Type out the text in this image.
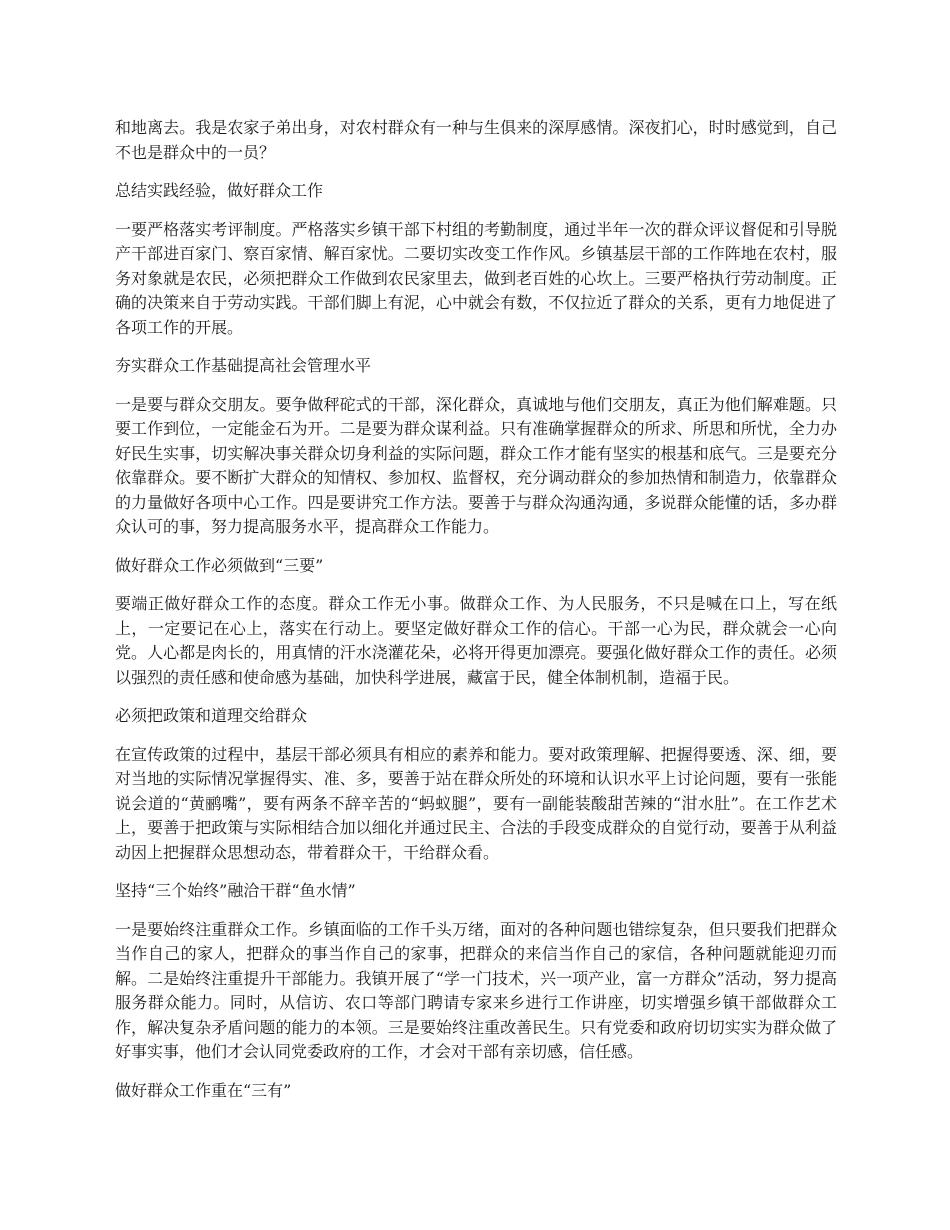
和地离去。我是农家子弟出身，对农村群众有一种与生俱来的深厚感情。深夜扪心，时时感觉到，自己不也是群众中的一员？

总结实践经验，做好群众工作

一要严格落实考评制度。严格落实乡镇干部下村组的考勤制度，通过半年一次的群众评议督促和引导脱产干部进百家门、察百家情、解百家忧。二要切实改变工作作风。乡镇基层干部的工作阵地在农村，服务对象就是农民，必须把群众工作做到农民家里去，做到老百姓的心坎上。三要严格执行劳动制度。正确的决策来自于劳动实践。干部们脚上有泥，心中就会有数，不仅拉近了群众的关系，更有力地促进了各项工作的开展。

夯实群众工作基础提高社会管理水平

一是要与群众交朋友。要争做秤砣式的干部，深化群众，真诚地与他们交朋友，真正为他们解难题。只要工作到位，一定能金石为开。二是要为群众谋利益。只有准确掌握群众的所求、所思和所忧，全力办好民生实事，切实解决事关群众切身利益的实际问题，群众工作才能有坚实的根基和底气。三是要充分依靠群众。要不断扩大群众的知情权、参加权、监督权，充分调动群众的参加热情和制造力，依靠群众的力量做好各项中心工作。四是要讲究工作方法。要善于与群众沟通沟通，多说群众能懂的话，多办群众认可的事，努力提高服务水平，提高群众工作能力。

做好群众工作必须做到“三要”

要端正做好群众工作的态度。群众工作无小事。做群众工作、为人民服务，不只是喊在口上，写在纸上，一定要记在心上，落实在行动上。要坚定做好群众工作的信心。干部一心为民，群众就会一心向党。人心都是肉长的，用真情的汗水浇灌花朵，必将开得更加漂亮。要强化做好群众工作的责任。必须以强烈的责任感和使命感为基础，加快科学进展，藏富于民，健全体制机制，造福于民。

必须把政策和道理交给群众

在宣传政策的过程中，基层干部必须具有相应的素养和能力。要对政策理解、把握得要透、深、细，要对当地的实际情况掌握得实、准、多，要善于站在群众所处的环境和认识水平上讨论问题，要有一张能说会道的“黄鹂嘴”，要有两条不辞辛苦的“蚂蚁腿”，要有一副能装酸甜苦辣的“泔水肚”。在工作艺术上，要善于把政策与实际相结合加以细化并通过民主、合法的手段变成群众的自觉行动，要善于从利益动因上把握群众思想动态，带着群众干，干给群众看。

坚持“三个始终”融洽干群“鱼水情”

一是要始终注重群众工作。乡镇面临的工作千头万绪，面对的各种问题也错综复杂，但只要我们把群众当作自己的家人，把群众的事当作自己的家事，把群众的来信当作自己的家信，各种问题就能迎刃而解。二是始终注重提升干部能力。我镇开展了“学一门技术，兴一项产业，富一方群众”活动，努力提高服务群众能力。同时，从信访、农口等部门聘请专家来乡进行工作讲座，切实增强乡镇干部做群众工作，解决复杂矛盾问题的能力的本领。三是要始终注重改善民生。只有党委和政府切切实实为群众做了好事实事，他们才会认同党委政府的工作，才会对干部有亲切感，信任感。

做好群众工作重在“三有”
